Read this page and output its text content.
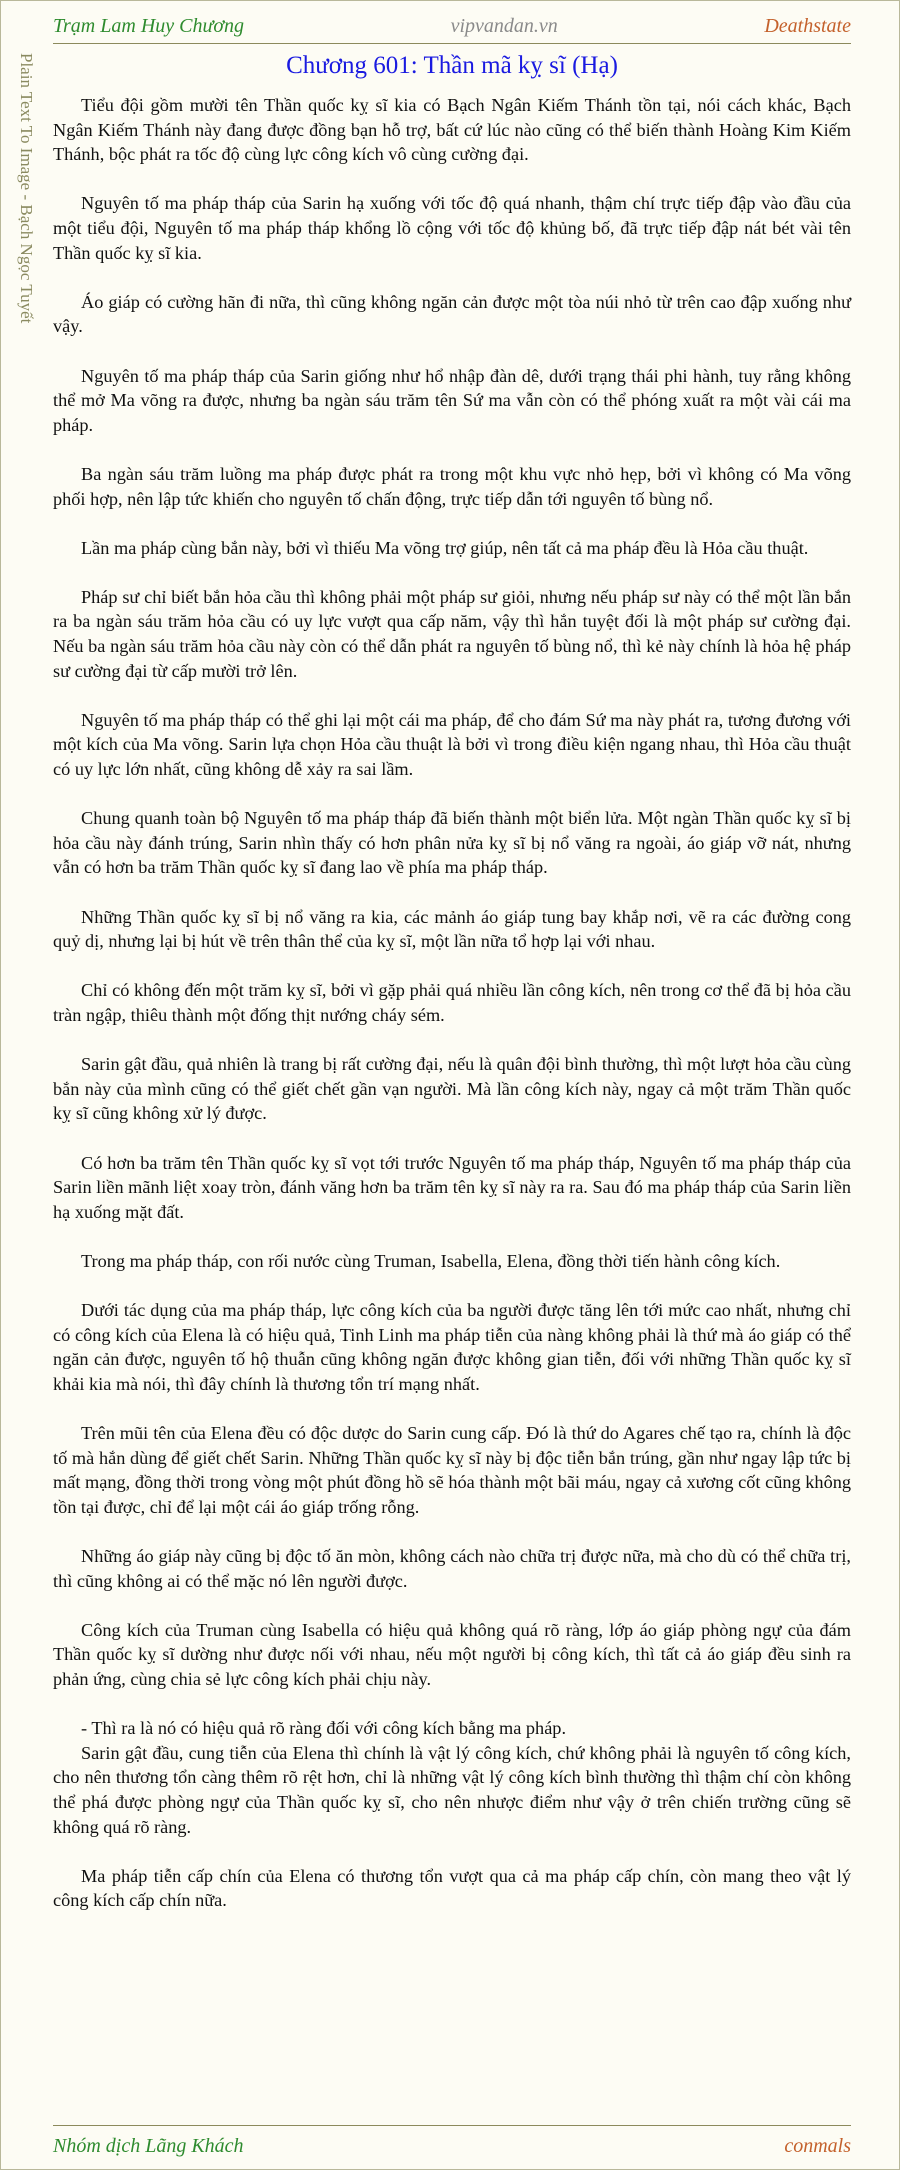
Trạm Lam Huy Chương	vipvandan.vn	Deathstate
Plain Text To Image - Bạch Ngọc Tuyết	Chương 601: Thần mã kỵ sĩ (Hạ)

Tiểu đội gồm mười tên Thần quốc kỵ sĩ kia có Bạch Ngân Kiếm Thánh tồn tại, nói cách khác, Bạch Ngân Kiếm Thánh này đang được đồng bạn hỗ trợ, bất cứ lúc nào cũng có thể biến thành Hoàng Kim Kiếm Thánh, bộc phát ra tốc độ cùng lực công kích vô cùng cường đại.

Nguyên tố ma pháp tháp của Sarin hạ xuống với tốc độ quá nhanh, thậm chí trực tiếp đập vào đầu của một tiểu đội, Nguyên tố ma pháp tháp khổng lồ cộng với tốc độ khủng bố, đã trực tiếp đập nát bét vài tên Thần quốc kỵ sĩ kia.

Áo giáp có cường hãn đi nữa, thì cũng không ngăn cản được một tòa núi nhỏ từ trên cao đập xuống như vậy.

Nguyên tố ma pháp tháp của Sarin giống như hổ nhập đàn dê, dưới trạng thái phi hành, tuy rằng không thể mở Ma võng ra được, nhưng ba ngàn sáu trăm tên Sứ ma vẫn còn có thể phóng xuất ra một vài cái ma pháp.

Ba ngàn sáu trăm luồng ma pháp được phát ra trong một khu vực nhỏ hẹp, bởi vì không có Ma võng phối hợp, nên lập tức khiến cho nguyên tố chấn động, trực tiếp dẫn tới nguyên tố bùng nổ.

Lần ma pháp cùng bắn này, bởi vì thiếu Ma võng trợ giúp, nên tất cả ma pháp đều là Hỏa cầu thuật.

Pháp sư chỉ biết bắn hỏa cầu thì không phải một pháp sư giỏi, nhưng nếu pháp sư này có thể một lần bắn ra ba ngàn sáu trăm hỏa cầu có uy lực vượt qua cấp năm, vậy thì hắn tuyệt đối là một pháp sư cường đại. Nếu ba ngàn sáu trăm hỏa cầu này còn có thể dẫn phát ra nguyên tố bùng nổ, thì kẻ này chính là hỏa hệ pháp sư cường đại từ cấp mười trở lên.

Nguyên tố ma pháp tháp có thể ghi lại một cái ma pháp, để cho đám Sứ ma này phát ra, tương đương với một kích của Ma võng. Sarin lựa chọn Hỏa cầu thuật là bởi vì trong điều kiện ngang nhau, thì Hỏa cầu thuật có uy lực lớn nhất, cũng không dễ xảy ra sai lầm.

Chung quanh toàn bộ Nguyên tố ma pháp tháp đã biến thành một biển lửa. Một ngàn Thần quốc kỵ sĩ bị hỏa cầu này đánh trúng, Sarin nhìn thấy có hơn phân nửa kỵ sĩ bị nổ văng ra ngoài, áo giáp vỡ nát, nhưng vẫn có hơn ba trăm Thần quốc kỵ sĩ đang lao về phía ma pháp tháp.

Những Thần quốc kỵ sĩ bị nổ văng ra kia, các mảnh áo giáp tung bay khắp nơi, vẽ ra các đường cong quỷ dị, nhưng lại bị hút về trên thân thể của kỵ sĩ, một lần nữa tổ hợp lại với nhau.

Chỉ có không đến một trăm kỵ sĩ, bởi vì gặp phải quá nhiều lần công kích, nên trong cơ thể đã bị hỏa cầu tràn ngập, thiêu thành một đống thịt nướng cháy sém.

Sarin gật đầu, quả nhiên là trang bị rất cường đại, nếu là quân đội bình thường, thì một lượt hỏa cầu cùng bắn này của mình cũng có thể giết chết gần vạn người. Mà lần công kích này, ngay cả một trăm Thần quốc kỵ sĩ cũng không xử lý được.

Có hơn ba trăm tên Thần quốc kỵ sĩ vọt tới trước Nguyên tố ma pháp tháp, Nguyên tố ma pháp tháp của Sarin liền mãnh liệt xoay tròn, đánh văng hơn ba trăm tên kỵ sĩ này ra ra. Sau đó ma pháp tháp của Sarin liền hạ xuống mặt đất.

Trong ma pháp tháp, con rối nước cùng Truman, Isabella, Elena, đồng thời tiến hành công kích.

Dưới tác dụng của ma pháp tháp, lực công kích của ba người được tăng lên tới mức cao nhất, nhưng chỉ có công kích của Elena là có hiệu quả, Tinh Linh ma pháp tiễn của nàng không phải là thứ mà áo giáp có thể ngăn cản được, nguyên tố hộ thuẫn cũng không ngăn được không gian tiễn, đối với những Thần quốc kỵ sĩ khải kia mà nói, thì đây chính là thương tổn trí mạng nhất.

Trên mũi tên của Elena đều có độc dược do Sarin cung cấp. Đó là thứ do Agares chế tạo ra, chính là độc tố mà hắn dùng để giết chết Sarin. Những Thần quốc kỵ sĩ này bị độc tiễn bắn trúng, gần như ngay lập tức bị mất mạng, đồng thời trong vòng một phút đồng hồ sẽ hóa thành một bãi máu, ngay cả xương cốt cũng không tồn tại được, chỉ để lại một cái áo giáp trống rỗng.

Những áo giáp này cũng bị độc tố ăn mòn, không cách nào chữa trị được nữa, mà cho dù có thể chữa trị, thì cũng không ai có thể mặc nó lên người được.

Công kích của Truman cùng Isabella có hiệu quả không quá rõ ràng, lớp áo giáp phòng ngự của đám Thần quốc kỵ sĩ dường như được nối với nhau, nếu một người bị công kích, thì tất cả áo giáp đều sinh ra phản ứng, cùng chia sẻ lực công kích phải chịu này.

- Thì ra là nó có hiệu quả rõ ràng đối với công kích bằng ma pháp.

Sarin gật đầu, cung tiễn của Elena thì chính là vật lý công kích, chứ không phải là nguyên tố công kích, cho nên thương tổn càng thêm rõ rệt hơn, chỉ là những vật lý công kích bình thường thì thậm chí còn không thể phá được phòng ngự của Thần quốc kỵ sĩ, cho nên nhược điểm như vậy ở trên chiến trường cũng sẽ không quá rõ ràng.

Ma pháp tiễn cấp chín của Elena có thương tổn vượt qua cả ma pháp cấp chín, còn mang theo vật lý công kích cấp chín nữa.

Nhóm dịch Lãng Khách	conmals
